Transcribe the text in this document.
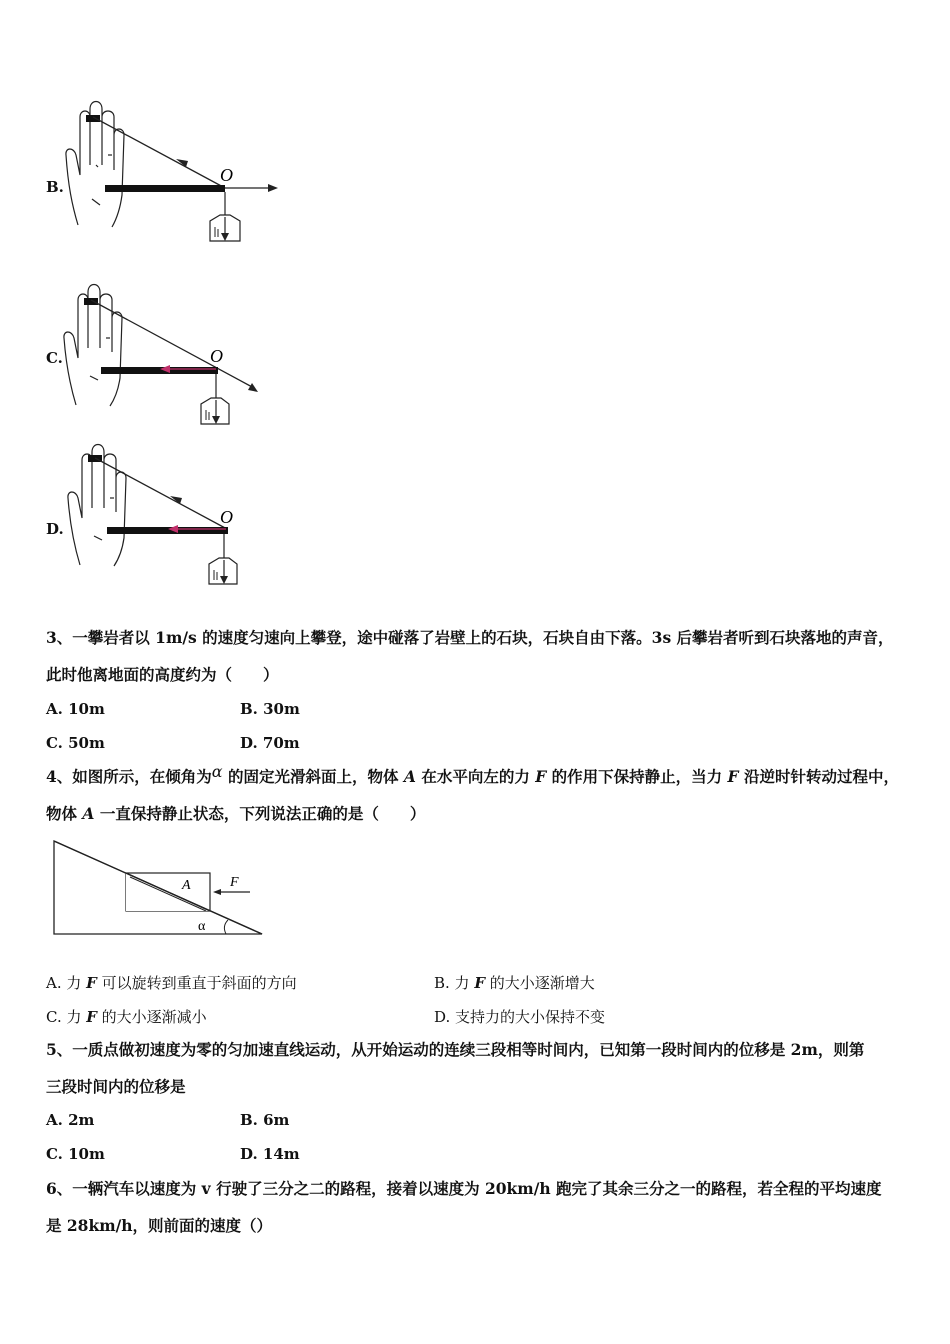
B.
O
C.	O
D.
O
3、一攀岩者以 1m/s 的速度匀速向上攀登，途中碰落了岩壁上的石块，石块自由下落。3s 后攀岩者听到石块落地的声音，
此时他离地面的高度约为（　　）
A. 10m	B. 30m
C. 50m	D. 70m
4、如图所示，在倾角为α 的固定光滑斜面上，物体 A 在水平向左的力 F 的作用下保持静止，当力 F 沿逆时针转动过程中，
物体 A 一直保持静止状态，下列说法正确的是（　　）
A	F
α
A. 力 F 可以旋转到重直于斜面的方向	B. 力 F 的大小逐渐增大
C. 力 F 的大小逐渐减小	D. 支持力的大小保持不变
5、一质点做初速度为零的匀加速直线运动，从开始运动的连续三段相等时间内，已知第一段时间内的位移是 2m，则第
三段时间内的位移是
A. 2m	B. 6m
C. 10m	D. 14m
6、一辆汽车以速度为 v 行驶了三分之二的路程，接着以速度为 20km/h 跑完了其余三分之一的路程，若全程的平均速度
是 28km/h，则前面的速度（）
